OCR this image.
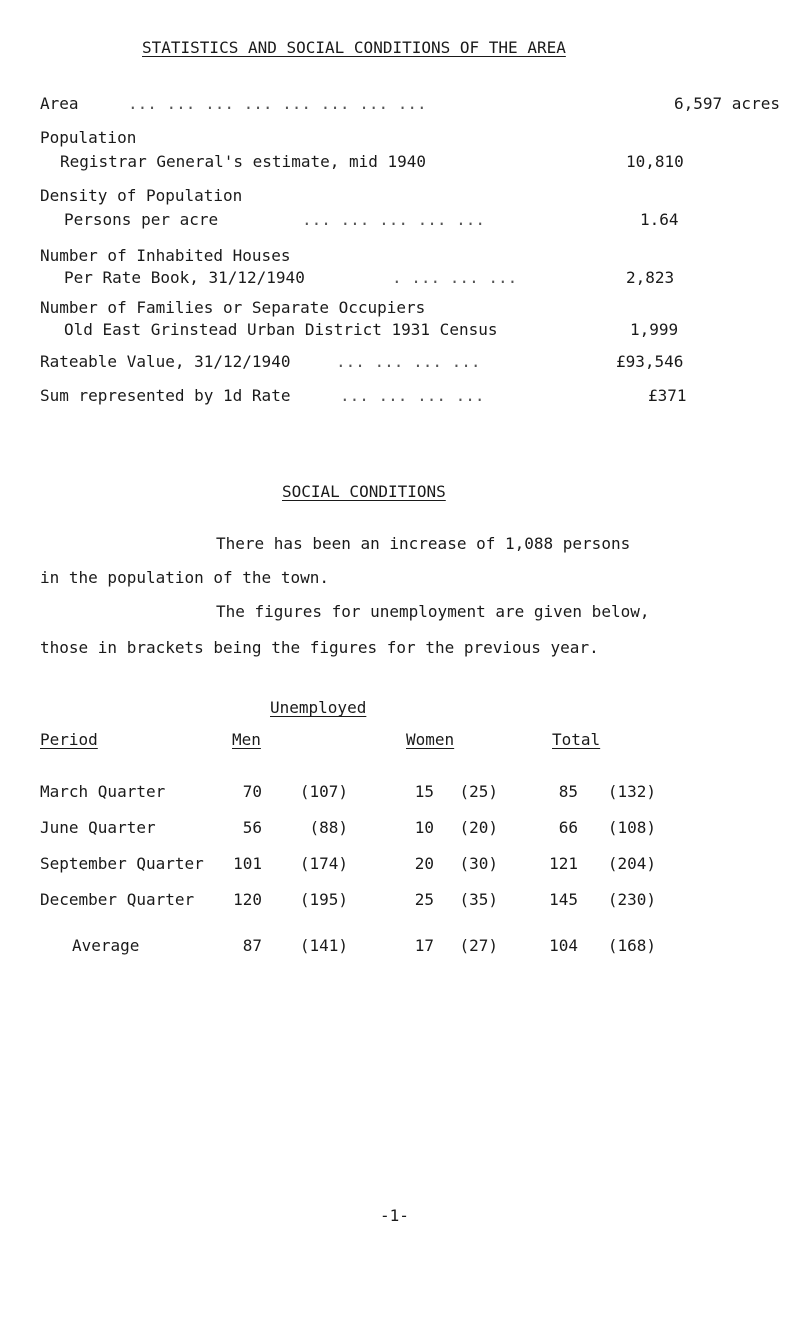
STATISTICS AND SOCIAL CONDITIONS OF THE AREA
Area	... ... ... ... ... ... ... ...	6,597 acres
Population
Registrar General's estimate, mid 1940	10,810
Density of Population
Persons per acre	... ... ... ... ...	1.64
Number of Inhabited Houses
Per Rate Book, 31/12/1940	. ... ... ...	2,823
Number of Families or Separate Occupiers
Old East Grinstead Urban District 1931 Census	1,999
Rateable Value, 31/12/1940	... ... ... ...	£93,546
Sum represented by 1d Rate	... ... ... ...	£371
SOCIAL CONDITIONS
There has been an increase of 1,088 persons
in the population of the town.
The figures for unemployment are given below,
those in brackets being the figures for the previous year.
Unemployed
Period	Men	Women	Total
March Quarter	70	(107)	15	(25)	85	(132)
June Quarter	56	(88)	10	(20)	66	(108)
September Quarter	101	(174)	20	(30)	121	(204)
December Quarter	120	(195)	25	(35)	145	(230)
Average	87	(141)	17	(27)	104	(168)
-1-
